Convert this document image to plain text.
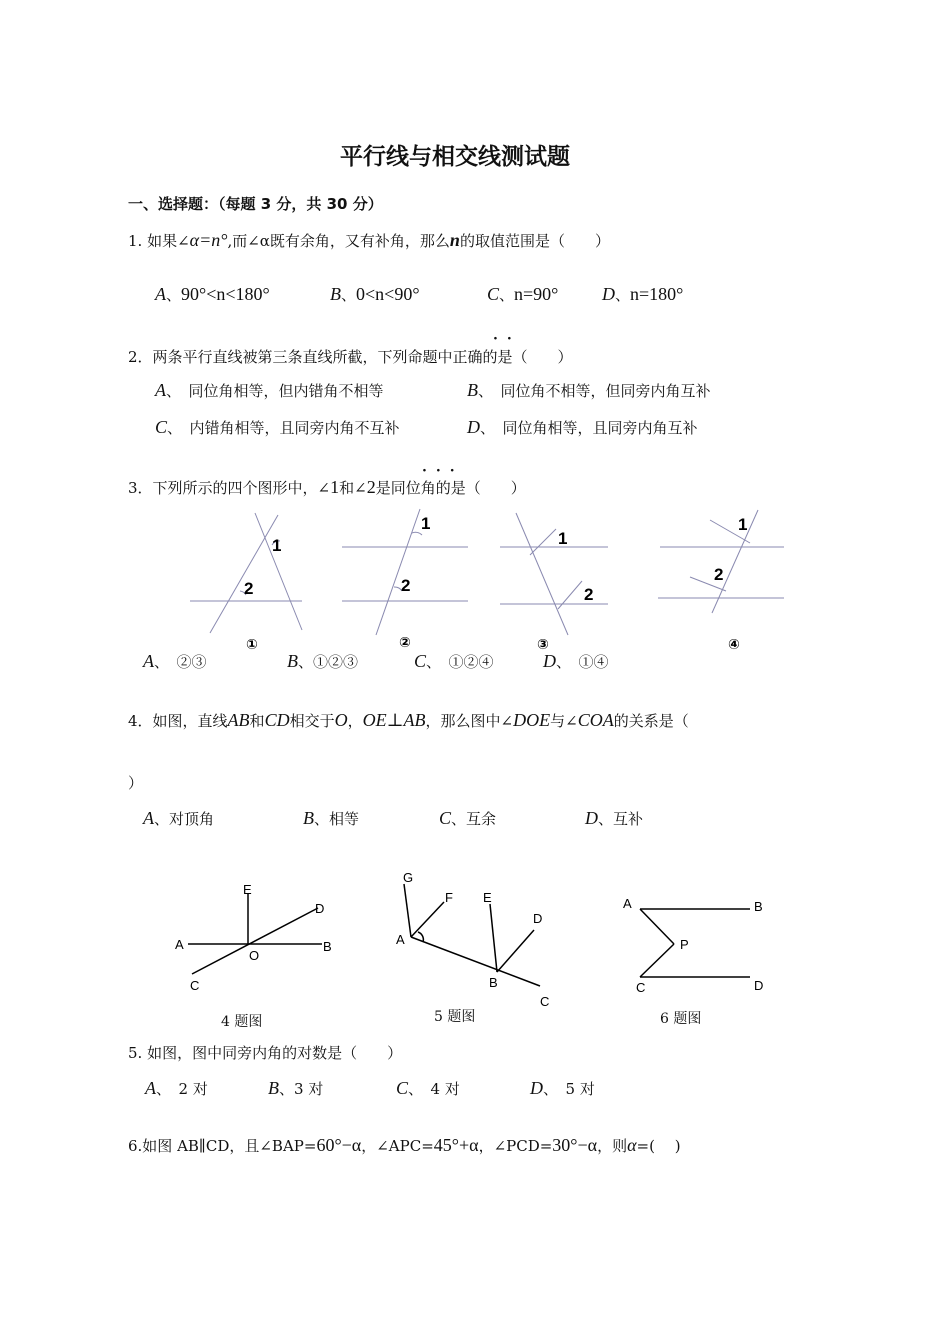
平行线与相交线测试题
一、选择题：（每题 3 分，共 30 分）
1. 如果∠α=n°,而∠α既有余角，又有补角，那么n的取值范围是（　　）
A、90°<n<180°	B、0<n<90°	C、n=90° D、n=180°
··
2．两条平行直线被第三条直线所截，下列命题中正确的是（　　）
A、　 同位角相等，但内错角不相等	B、　 同位角不相等，但同旁内角互补
C、　 内错角相等，且同旁内角不互补	D、　 同位角相等，且同旁内角互补
···
3．下列所示的四个图形中，∠1和∠2是同位角的是（　　）
1
2
1
2
1
2
1
2
①	②	③	④
A、　 ②③	B、①②③	C、　 ①②④	D、　 ①④
4．如图，直线AB和CD相交于O，OE⊥AB，那么图中∠DOE与∠COA的关系是（
）
A、对顶角	B、相等	C、互余	D、互补
E
D
A
O
B
C
G
F E
D
A
B
C
A	B
P
C	D
4 题图	5 题图	6 题图
5. 如图，图中同旁内角的对数是（　　）
A、　 2 对	B、3 对	C、　 4 对	D、　 5 对
6.如图 AB∥CD，且∠BAP=60°−α，∠APC=45°+α，∠PCD=30°−α，则α=(　 )
